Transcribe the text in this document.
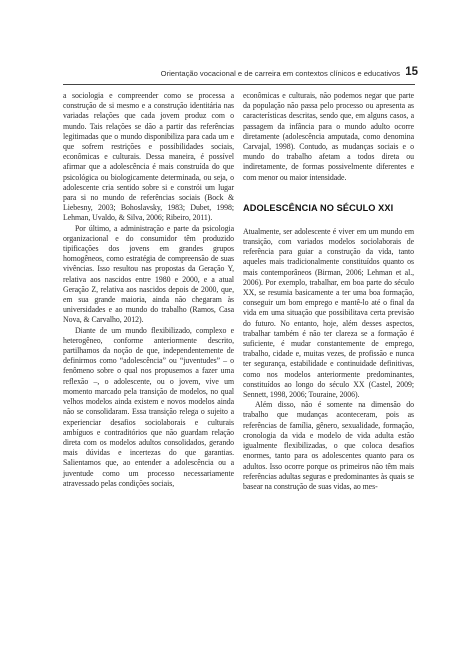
Orientação vocacional e de carreira em contextos clínicos e educativos 15

a sociologia e compreender como se processa a construção de si mesmo e a construção identitária nas variadas relações que cada jovem produz com o mundo. Tais relações se dão a partir das referências legitimadas que o mundo disponibiliza para cada um e que sofrem restrições e possibilidades sociais, econômicas e culturais. Dessa maneira, é possível afirmar que a adolescência é mais construída do que psicológica ou biologicamente determinada, ou seja, o adolescente cria sentido sobre si e constrói um lugar para si no mundo de referências sociais (Bock & Liebesny, 2003; Bohoslavsky, 1983; Dubet, 1998; Lehman, Uvaldo, & Silva, 2006; Ribeiro, 2011).

Por último, a administração e parte da psicologia organizacional e do consumidor têm produzido tipificações dos jovens em grandes grupos homogêneos, como estratégia de compreensão de suas vivências. Isso resultou nas propostas da Geração Y, relativa aos nascidos entre 1980 e 2000, e a atual Geração Z, relativa aos nascidos depois de 2000, que, em sua grande maioria, ainda não chegaram às universidades e ao mundo do trabalho (Ramos, Casa Nova, & Carvalho, 2012).

Diante de um mundo flexibilizado, complexo e heterogêneo, conforme anteriormente descrito, partilhamos da noção de que, independentemente de definirmos como “adolescência” ou “juventudes” – o fenômeno sobre o qual nos propusemos a fazer uma reflexão –, o adolescente, ou o jovem, vive um momento marcado pela transição de modelos, no qual velhos modelos ainda existem e novos modelos ainda não se consolidaram. Essa transição relega o sujeito a experienciar desafios sociolaborais e culturais ambíguos e contraditórios que não guardam relação direta com os modelos adultos consolidados, gerando mais dúvidas e incertezas do que garantias. Salientamos que, ao entender a adolescência ou a juventude como um processo necessariamente atravessado pelas condições sociais,

econômicas e culturais, não podemos negar que parte da população não passa pelo processo ou apresenta as características descritas, sendo que, em alguns casos, a passagem da infância para o mundo adulto ocorre diretamente (adolescência amputada, como denomina Carvajal, 1998). Contudo, as mudanças sociais e o mundo do trabalho afetam a todos direta ou indiretamente, de formas possivelmente diferentes e com menor ou maior intensidade.

ADOLESCÊNCIA NO SÉCULO XXI

Atualmente, ser adolescente é viver em um mundo em transição, com variados modelos sociolaborais de referência para guiar a construção da vida, tanto aqueles mais tradicionalmente constituídos quanto os mais contemporâneos (Birman, 2006; Lehman et al., 2006). Por exemplo, trabalhar, em boa parte do século XX, se resumia basicamente a ter uma boa formação, conseguir um bom emprego e mantê-lo até o final da vida em uma situação que possibilitava certa previsão do futuro. No entanto, hoje, além desses aspectos, trabalhar também é não ter clareza se a formação é suficiente, é mudar constantemente de emprego, trabalho, cidade e, muitas vezes, de profissão e nunca ter segurança, estabilidade e continuidade definitivas, como nos modelos anteriormente predominantes, constituídos ao longo do século XX (Castel, 2009; Sennett, 1998, 2006; Touraine, 2006).

Além disso, não é somente na dimensão do trabalho que mudanças aconteceram, pois as referências de família, gênero, sexualidade, formação, cronologia da vida e modelo de vida adulta estão igualmente flexibilizadas, o que coloca desafios enormes, tanto para os adolescentes quanto para os adultos. Isso ocorre porque os primeiros não têm mais referências adultas seguras e predominantes às quais se basear na construção de suas vidas, ao mes-
